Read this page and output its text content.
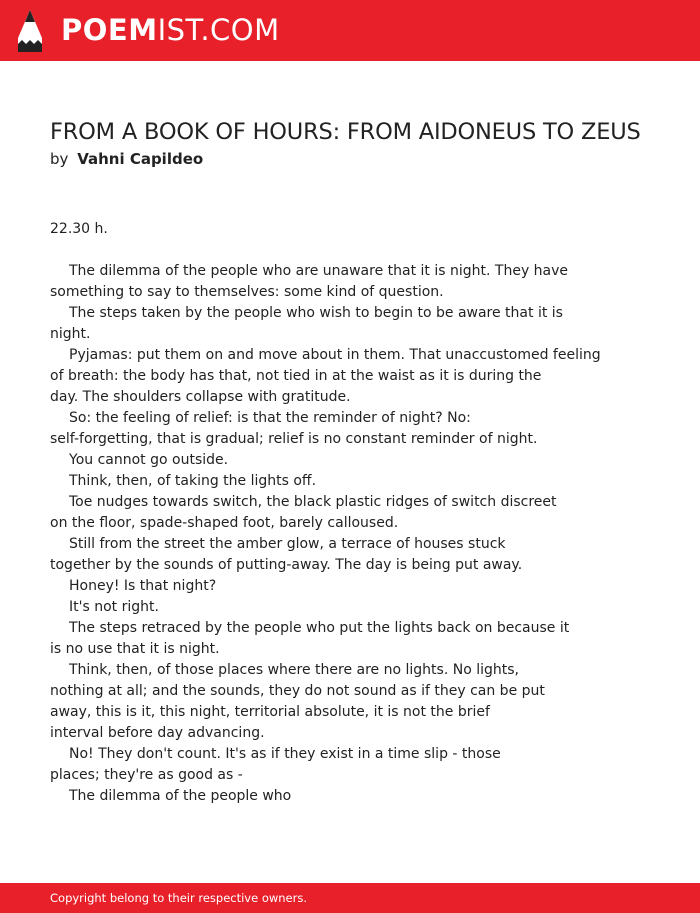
POEMIST.COM
FROM A BOOK OF HOURS: FROM AIDONEUS TO ZEUS
by Vahni Capildeo
22.30 h.
The dilemma of the people who are unaware that it is night. They have
something to say to themselves: some kind of question.
The steps taken by the people who wish to begin to be aware that it is
night.
Pyjamas: put them on and move about in them. That unaccustomed feeling
of breath: the body has that, not tied in at the waist as it is during the
day. The shoulders collapse with gratitude.
So: the feeling of relief: is that the reminder of night? No:
self-forgetting, that is gradual; relief is no constant reminder of night.
You cannot go outside.
Think, then, of taking the lights off.
Toe nudges towards switch, the black plastic ridges of switch discreet
on the floor, spade-shaped foot, barely calloused.
Still from the street the amber glow, a terrace of houses stuck
together by the sounds of putting-away. The day is being put away.
Honey! Is that night?
It's not right.
The steps retraced by the people who put the lights back on because it
is no use that it is night.
Think, then, of those places where there are no lights. No lights,
nothing at all; and the sounds, they do not sound as if they can be put
away, this is it, this night, territorial absolute, it is not the brief
interval before day advancing.
No! They don't count. It's as if they exist in a time slip - those
places; they're as good as -
The dilemma of the people who
Copyright belong to their respective owners.
